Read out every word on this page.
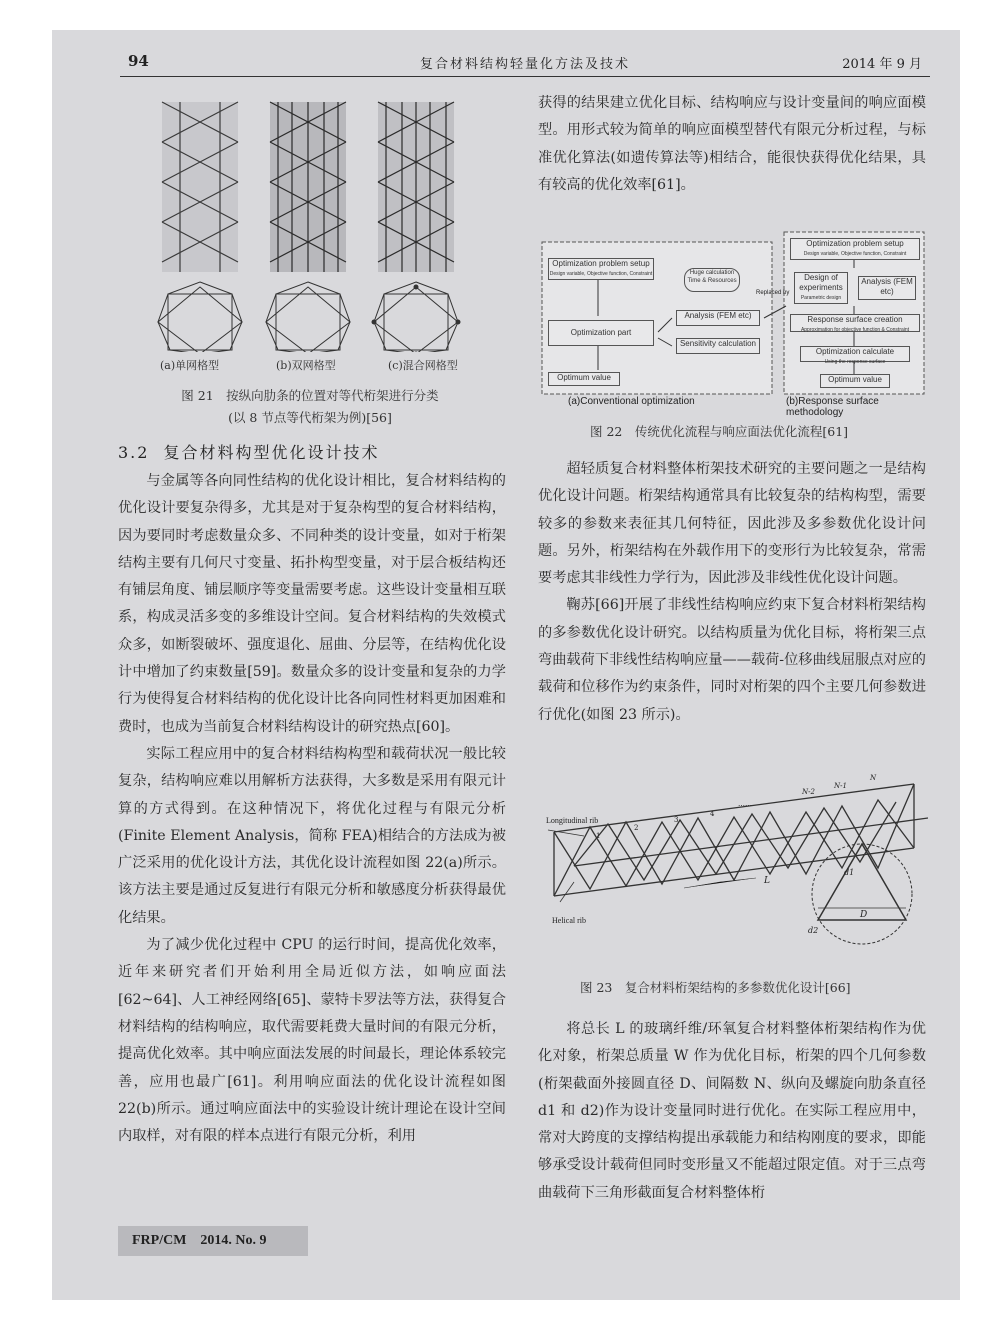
94	复合材料结构轻量化方法及技术	2014 年 9 月
(a)单网格型	(b)双网格型	(c)混合网格型
图 21　按纵向肋条的位置对等代桁架进行分类
(以 8 节点等代桁架为例)[56]
3.2 复合材料构型优化设计技术

与金属等各向同性结构的优化设计相比，复合材料结构的优化设计要复杂得多，尤其是对于复杂构型的复合材料结构，因为要同时考虑数量众多、不同种类的设计变量，如对于桁架结构主要有几何尺寸变量、拓扑构型变量，对于层合板结构还有铺层角度、铺层顺序等变量需要考虑。这些设计变量相互联系，构成灵活多变的多维设计空间。复合材料结构的失效模式众多，如断裂破坏、强度退化、屈曲、分层等，在结构优化设计中增加了约束数量[59]。数量众多的设计变量和复杂的力学行为使得复合材料结构的优化设计比各向同性材料更加困难和费时，也成为当前复合材料结构设计的研究热点[60]。

实际工程应用中的复合材料结构构型和载荷状况一般比较复杂，结构响应难以用解析方法获得，大多数是采用有限元计算的方式得到。在这种情况下，将优化过程与有限元分析(Finite Element Analysis，简称 FEA)相结合的方法成为被广泛采用的优化设计方法，其优化设计流程如图 22(a)所示。该方法主要是通过反复进行有限元分析和敏感度分析获得最优化结果。

为了减少优化过程中 CPU 的运行时间，提高优化效率，近年来研究者们开始利用全局近似方法，如响应面法[62~64]、人工神经网络[65]、蒙特卡罗法等方法，获得复合材料结构的结构响应，取代需要耗费大量时间的有限元分析，提高优化效率。其中响应面法发展的时间最长，理论体系较完善，应用也最广[61]。利用响应面法的优化设计流程如图 22(b)所示。通过响应面法中的实验设计统计理论在设计空间内取样，对有限的样本点进行有限元分析，利用

获得的结果建立优化目标、结构响应与设计变量间的响应面模型。用形式较为简单的响应面模型替代有限元分析过程，与标准优化算法(如遗传算法等)相结合，能很快获得优化结果，具有较高的优化效率[61]。

Optimization problem setup
Design variable, Objective function, Constraint
Optimization part
Analysis (FEM etc)
Sensitivity calculation
Optimum value
Huge calculation Time & Resources
Replaced by
(a)Conventional optimization
Optimization problem setup
Design variable, Objective function, Constraint
Design of experiments
Parametric design
Analysis (FEM etc)
Response surface creation
Approximation for objective function & Constraint
Optimization calculate
Using the response surface
Optimum value
(b)Response surface methodology
图 22　传统优化流程与响应面法优化流程[61]

超轻质复合材料整体桁架技术研究的主要问题之一是结构优化设计问题。桁架结构通常具有比较复杂的结构构型，需要较多的参数来表征其几何特征，因此涉及多参数优化设计问题。另外，桁架结构在外载作用下的变形行为比较复杂，常需要考虑其非线性力学行为，因此涉及非线性优化设计问题。

鞠苏[66]开展了非线性结构响应约束下复合材料桁架结构的多参数优化设计研究。以结构质量为优化目标，将桁架三点弯曲载荷下非线性结构响应量——载荷-位移曲线屈服点对应的载荷和位移作为约束条件，同时对桁架的四个主要几何参数进行优化(如图 23 所示)。

Longitudinal rib
Helical rib
1
2
3
4
……
N-2
N-1
N
L
D
d1
d2
图 23　复合材料桁架结构的多参数优化设计[66]

将总长 L 的玻璃纤维/环氧复合材料整体桁架结构作为优化对象，桁架总质量 W 作为优化目标，桁架的四个几何参数(桁架截面外接圆直径 D、间隔数 N、纵向及螺旋向肋条直径 d1 和 d2)作为设计变量同时进行优化。在实际工程应用中，常对大跨度的支撑结构提出承载能力和结构刚度的要求，即能够承受设计载荷但同时变形量又不能超过限定值。对于三点弯曲载荷下三角形截面复合材料整体桁

FRP/CM　2014. No. 9
